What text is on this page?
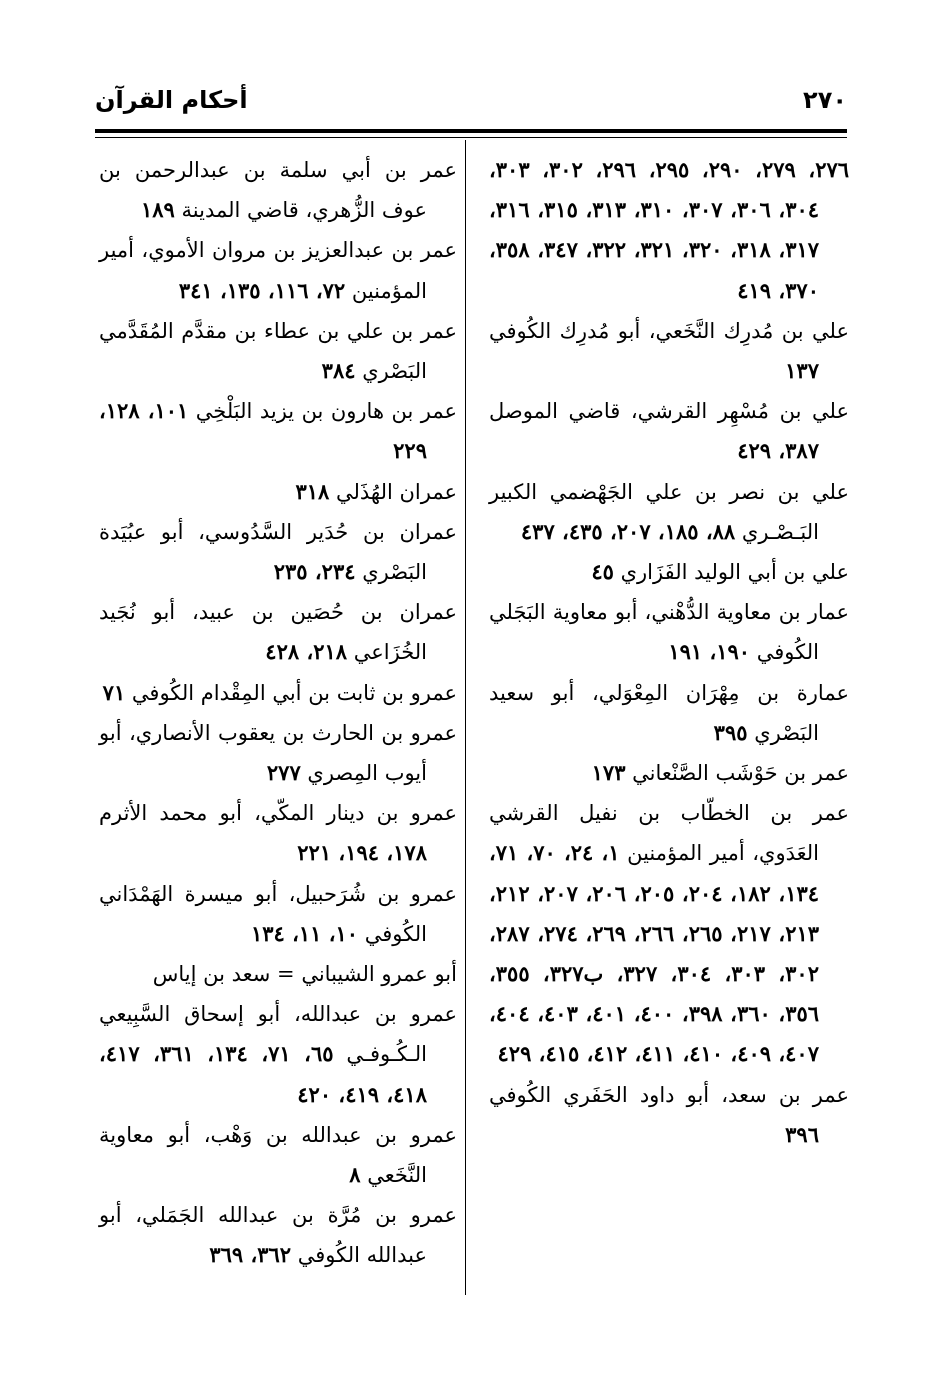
٢٧٠
أحكام القرآن

٢٧٦، ٢٧٩، ٢٩٠، ٢٩٥، ٢٩٦، ٣٠٢، ٣٠٣، ٣٠٤، ٣٠٦، ٣٠٧، ٣١٠، ٣١٣، ٣١٥، ٣١٦، ٣١٧، ٣١٨، ٣٢٠، ٣٢١، ٣٢٢، ٣٤٧، ٣٥٨، ٣٧٠، ٤١٩

علي بن مُدرِك النَّخَعي، أبو مُدرِك الكُوفي ١٣٧

علي بن مُسْهِر القرشي، قاضي الموصل ٣٨٧، ٤٢٩

علي بن نصر بن علي الجَهْضمي الكبير البَـصْـري ٨٨، ١٨٥، ٢٠٧، ٤٣٥، ٤٣٧

علي بن أبي الوليد الفَزَاري ٤٥

عمار بن معاوية الدُّهْني، أبو معاوية البَجَلي الكُوفي ١٩٠، ١٩١

عمارة بن مِهْرَان المِعْوَلي، أبو سعيد البَصْري ٣٩٥

عمر بن حَوْشَب الصَّنْعاني ١٧٣

عمر بن الخطّاب بن نفيل القرشي العَدَوي، أمير المؤمنين ١، ٢٤، ٧٠، ٧١، ١٣٤، ١٨٢، ٢٠٤، ٢٠٥، ٢٠٦، ٢٠٧، ٢١٢، ٢١٣، ٢١٧، ٢٦٥، ٢٦٦، ٢٦٩، ٢٧٤، ٢٨٧، ٣٠٢، ٣٠٣، ٣٠٤، ٣٢٧، ب٣٢٧، ٣٥٥، ٣٥٦، ٣٦٠، ٣٩٨، ٤٠٠، ٤٠١، ٤٠٣، ٤٠٤، ٤٠٧، ٤٠٩، ٤١٠، ٤١١، ٤١٢، ٤١٥، ٤٢٩

عمر بن سعد، أبو داود الحَفَري الكُوفي ٣٩٦

عمر بن أبي سلمة بن عبدالرحمن بن عوف الزُّهري، قاضي المدينة ١٨٩

عمر بن عبدالعزيز بن مروان الأموي، أمير المؤمنين ٧٢، ١١٦، ١٣٥، ٣٤١

عمر بن علي بن عطاء بن مقدَّم المُقَدَّمي البَصْري ٣٨٤

عمر بن هارون بن يزيد البَلْخِي ١٠١، ١٢٨، ٢٢٩

عمران الهُذَلي ٣١٨

عمران بن حُدَير السَّدُوسي، أبو عبُيَدة البَصْري ٢٣٤، ٢٣٥

عمران بن حُصَين بن عبيد، أبو نُجَيد الخُزَاعي ٢١٨، ٤٢٨

عمرو بن ثابت بن أبي المِقْدام الكُوفي ٧١

عمرو بن الحارث بن يعقوب الأنصاري، أبو أيوب المِصري ٢٧٧

عمرو بن دينار المكّي، أبو محمد الأثرم ١٧٨، ١٩٤، ٢٢١

عمرو بن شُرَحبيل، أبو ميسرة الهَمْدَاني الكُوفي ١٠، ١١، ١٣٤

أبو عمرو الشيباني = سعد بن إياس

عمرو بن عبدالله، أبو إسحاق السَّبِيعي الـكُـوفـي ٦٥، ٧١، ١٣٤، ٣٦١، ٤١٧، ٤١٨، ٤١٩، ٤٢٠

عمرو بن عبدالله بن وَهْب، أبو معاوية النَّخَعي ٨

عمرو بن مُرَّة بن عبدالله الجَمَلي، أبو عبدالله الكُوفي ٣٦٢، ٣٦٩
